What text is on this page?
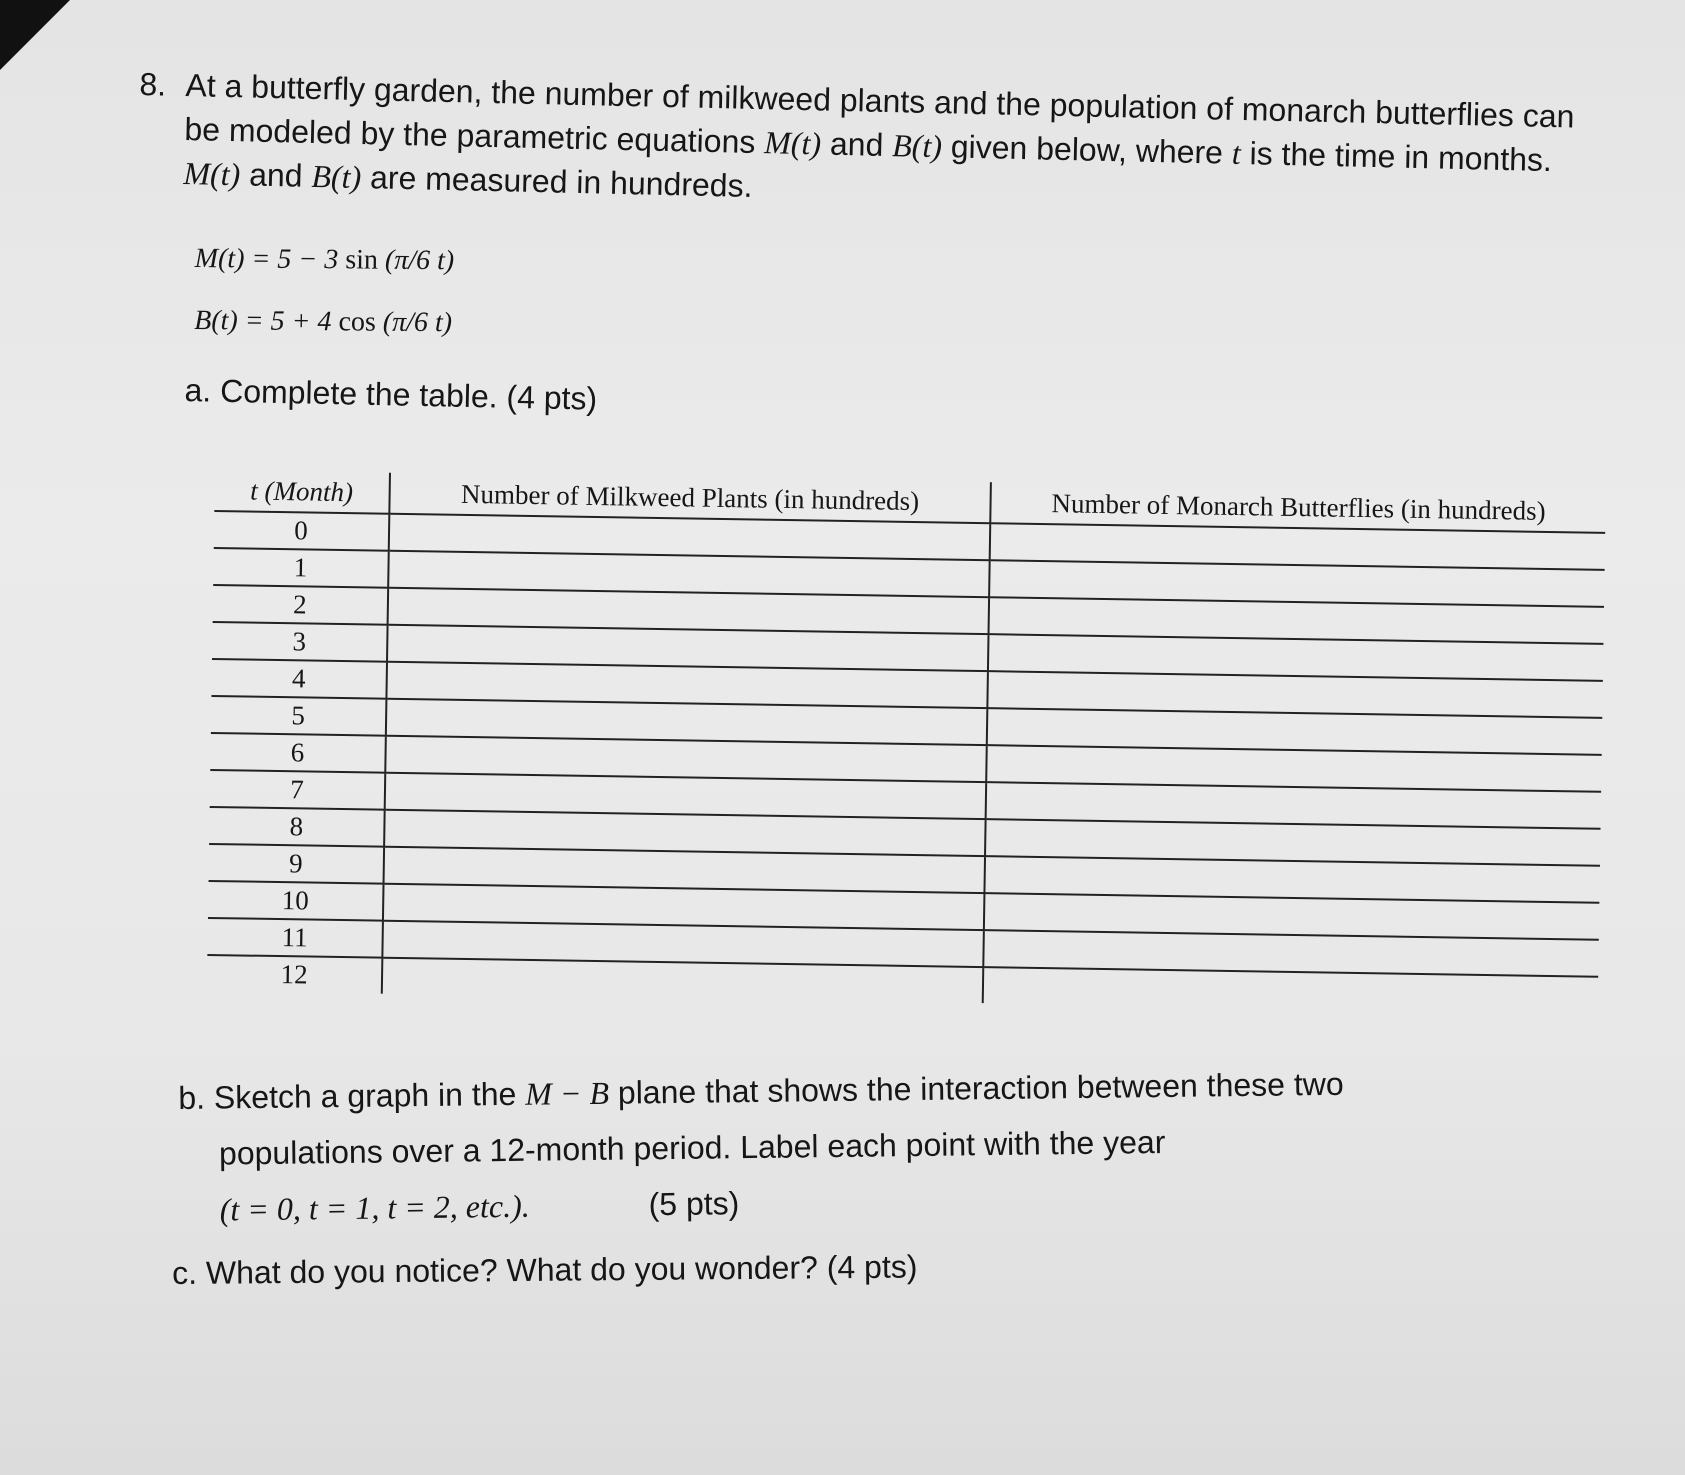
8. At a butterfly garden, the number of milkweed plants and the population of monarch butterflies can be modeled by the parametric equations M(t) and B(t) given below, where t is the time in months. M(t) and B(t) are measured in hundreds.
M(t) = 5 − 3 sin (π/6 t)
B(t) = 5 + 4 cos (π/6 t)
a. Complete the table. (4 pts)
t (Month)	Number of Milkweed Plants (in hundreds)	Number of Monarch Butterflies (in hundreds)
0		
1		
2		
3		
4		
5		
6		
7		
8		
9		
10		
11		
12		
b. Sketch a graph in the M − B plane that shows the interaction between these two
populations over a 12-month period. Label each point with the year
(t = 0, t = 1, t = 2, etc.).	(5 pts)
c. What do you notice? What do you wonder? (4 pts)
